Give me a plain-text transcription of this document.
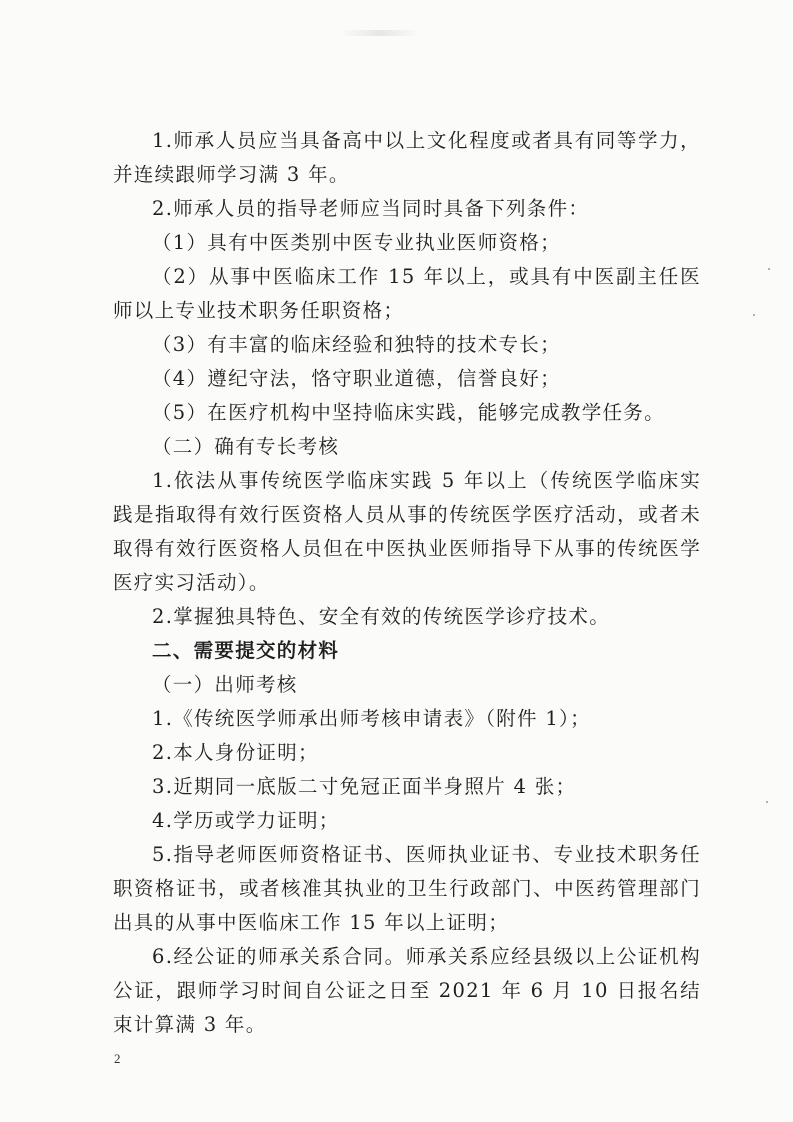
1.师承人员应当具备高中以上文化程度或者具有同等学力，并连续跟师学习满 3 年。

2.师承人员的指导老师应当同时具备下列条件：

（1）具有中医类别中医专业执业医师资格；

（2）从事中医临床工作 15 年以上，或具有中医副主任医师以上专业技术职务任职资格；

（3）有丰富的临床经验和独特的技术专长；

（4）遵纪守法，恪守职业道德，信誉良好；

（5）在医疗机构中坚持临床实践，能够完成教学任务。

（二）确有专长考核

1.依法从事传统医学临床实践 5 年以上（传统医学临床实践是指取得有效行医资格人员从事的传统医学医疗活动，或者未取得有效行医资格人员但在中医执业医师指导下从事的传统医学医疗实习活动）。

2.掌握独具特色、安全有效的传统医学诊疗技术。

二、需要提交的材料

（一）出师考核

1.《传统医学师承出师考核申请表》（附件 1）；

2.本人身份证明；

3.近期同一底版二寸免冠正面半身照片 4 张；

4.学历或学力证明；

5.指导老师医师资格证书、医师执业证书、专业技术职务任职资格证书，或者核准其执业的卫生行政部门、中医药管理部门出具的从事中医临床工作 15 年以上证明；

6.经公证的师承关系合同。师承关系应经县级以上公证机构公证，跟师学习时间自公证之日至 2021 年 6 月 10 日报名结束计算满 3 年。

2
